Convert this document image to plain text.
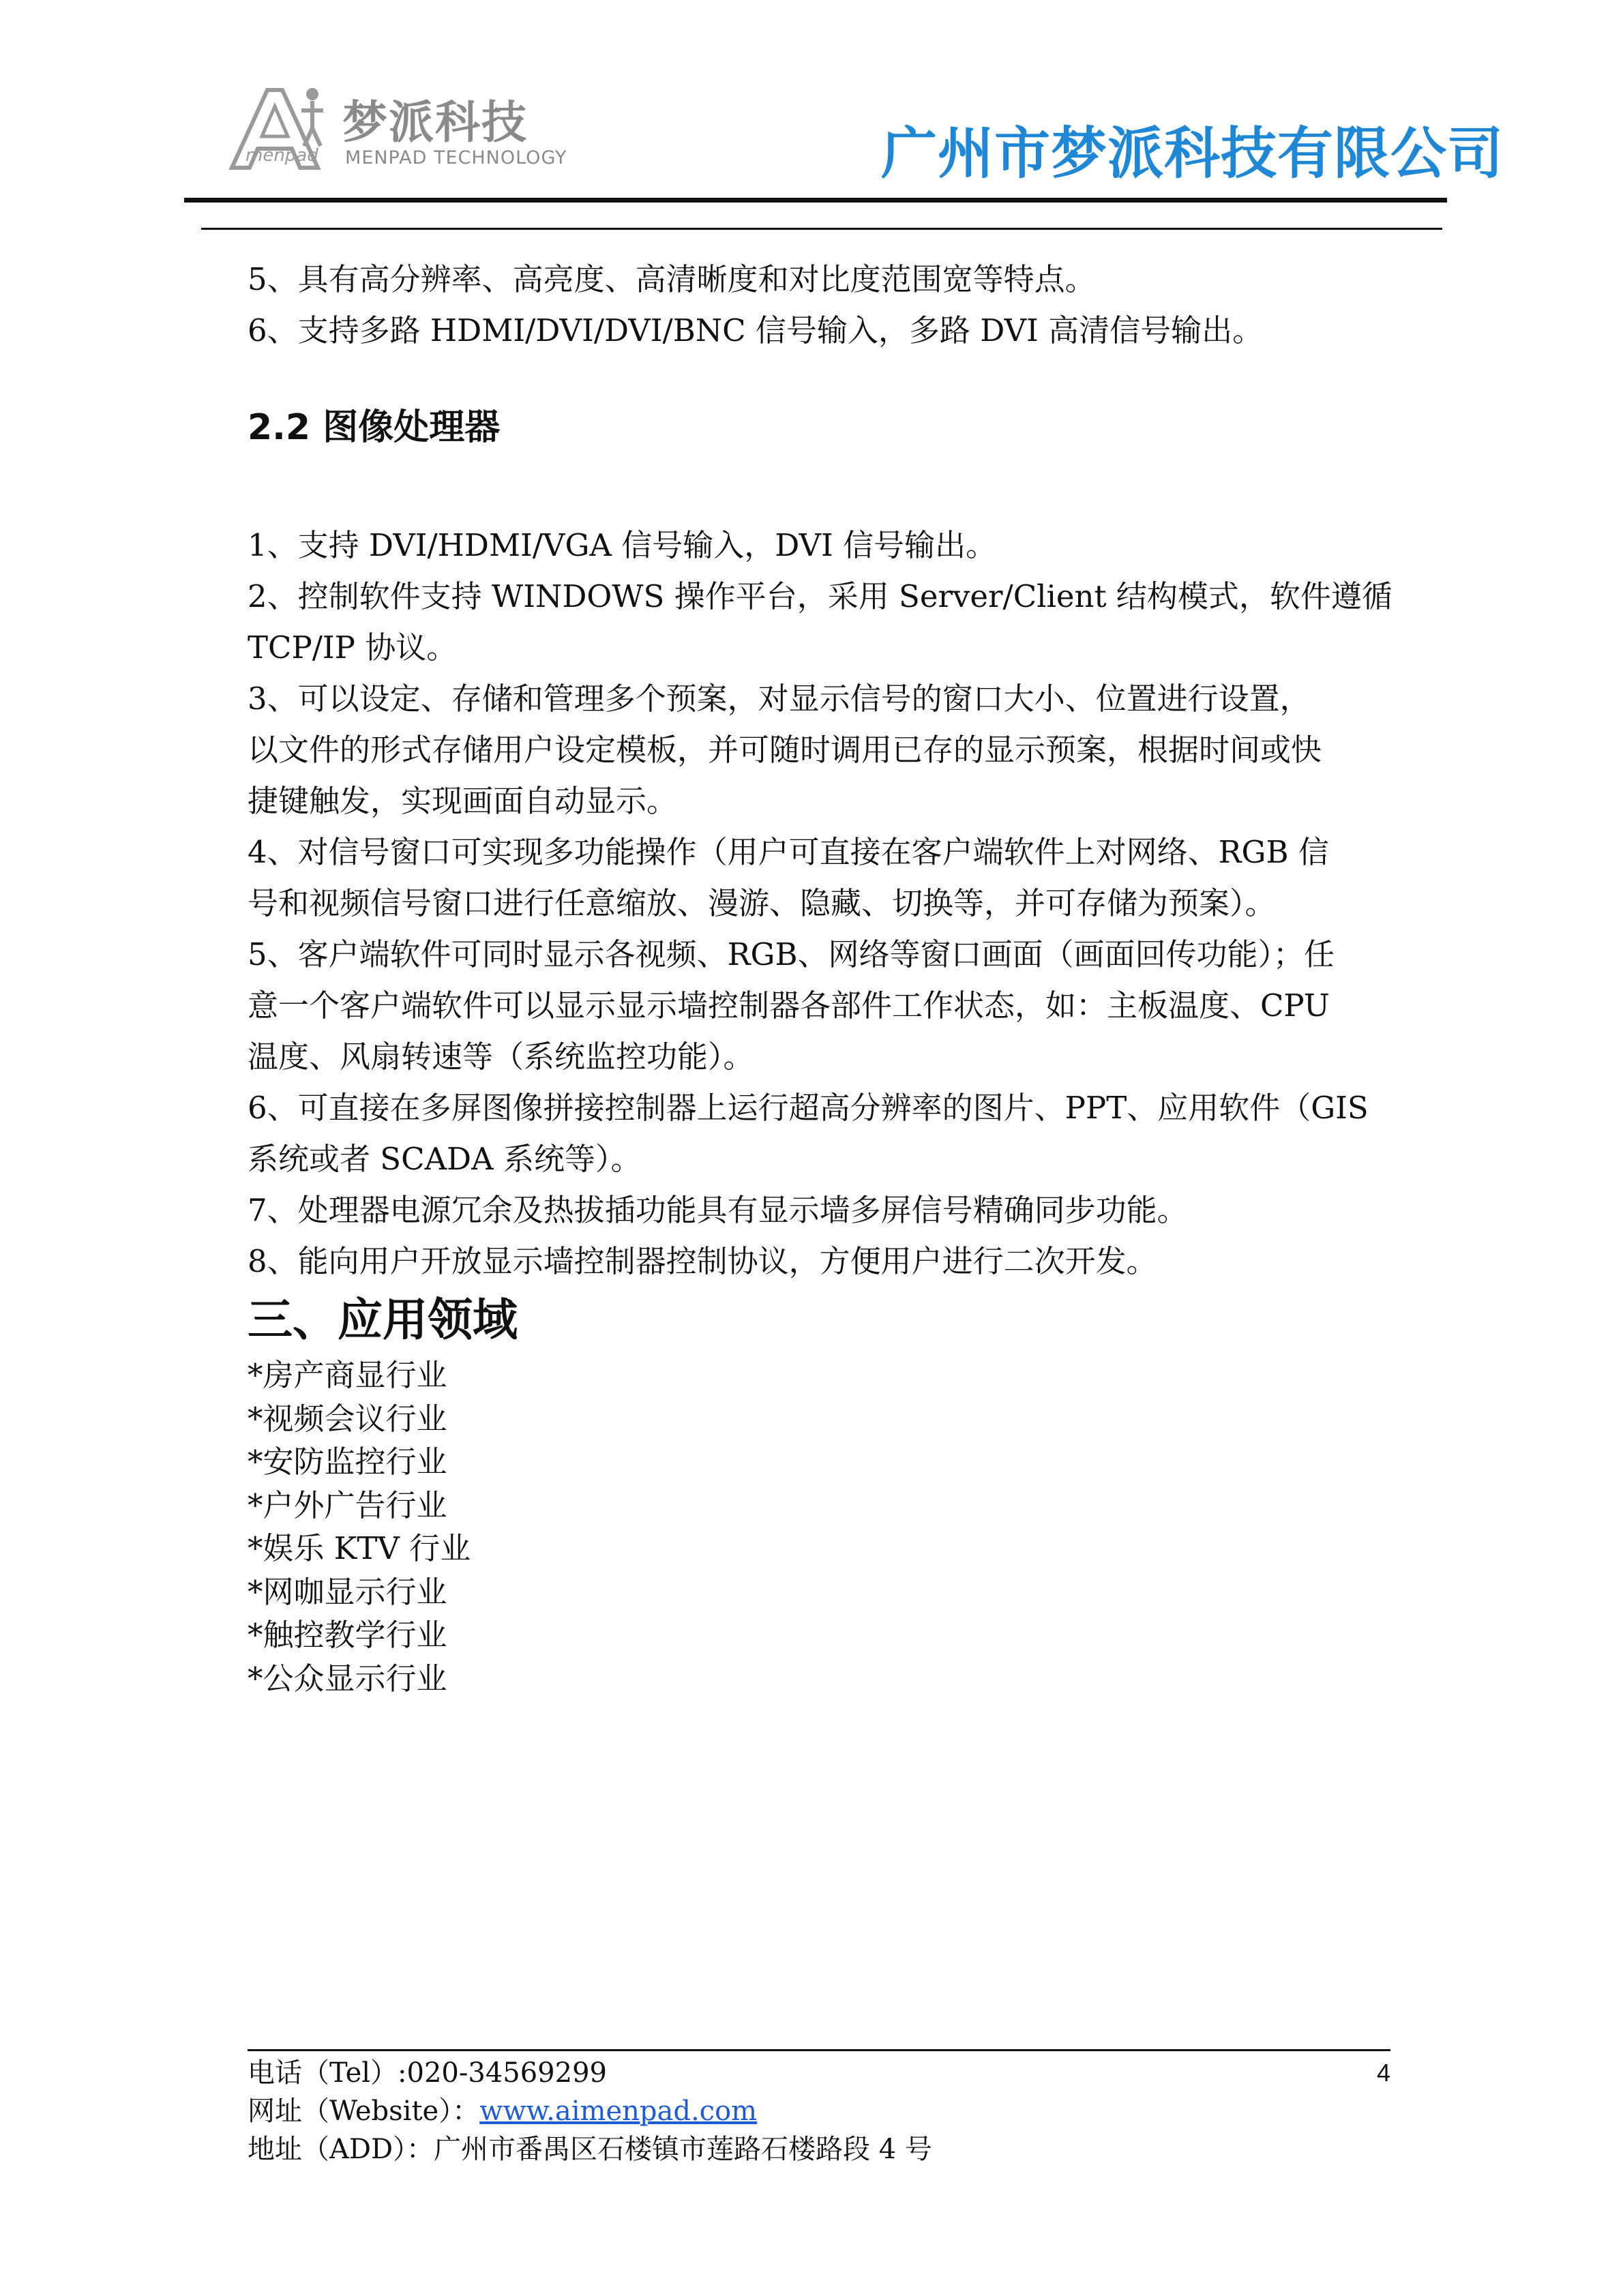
menpad
梦派科技
MENPAD TECHNOLOGY	广州市梦派科技有限公司

5、具有高分辨率、高亮度、高清晰度和对比度范围宽等特点。

6、支持多路 HDMI/DVI/DVI/BNC 信号输入，多路 DVI 高清信号输出。

2.2 图像处理器

1、支持 DVI/HDMI/VGA 信号输入，DVI 信号输出。

2、控制软件支持 WINDOWS 操作平台，采用 Server/Client 结构模式，软件遵循

TCP/IP 协议。

3、可以设定、存储和管理多个预案，对显示信号的窗口大小、位置进行设置，

以文件的形式存储用户设定模板，并可随时调用已存的显示预案，根据时间或快

捷键触发，实现画面自动显示。

4、对信号窗口可实现多功能操作（用户可直接在客户端软件上对网络、RGB 信

号和视频信号窗口进行任意缩放、漫游、隐藏、切换等，并可存储为预案）。

5、客户端软件可同时显示各视频、RGB、网络等窗口画面（画面回传功能）；任

意一个客户端软件可以显示显示墙控制器各部件工作状态，如：主板温度、CPU

温度、风扇转速等（系统监控功能）。

6、可直接在多屏图像拼接控制器上运行超高分辨率的图片、PPT、应用软件（GIS

系统或者 SCADA 系统等）。

7、处理器电源冗余及热拔插功能具有显示墙多屏信号精确同步功能。

8、能向用户开放显示墙控制器控制协议，方便用户进行二次开发。

三、应用领域

*房产商显行业

*视频会议行业

*安防监控行业

*户外广告行业

*娱乐 KTV 行业

*网咖显示行业

*触控教学行业

*公众显示行业

电话（Tel）:020-34569299

网址（Website）：www.aimenpad.com

地址（ADD）：广州市番禺区石楼镇市莲路石楼路段 4 号

4
